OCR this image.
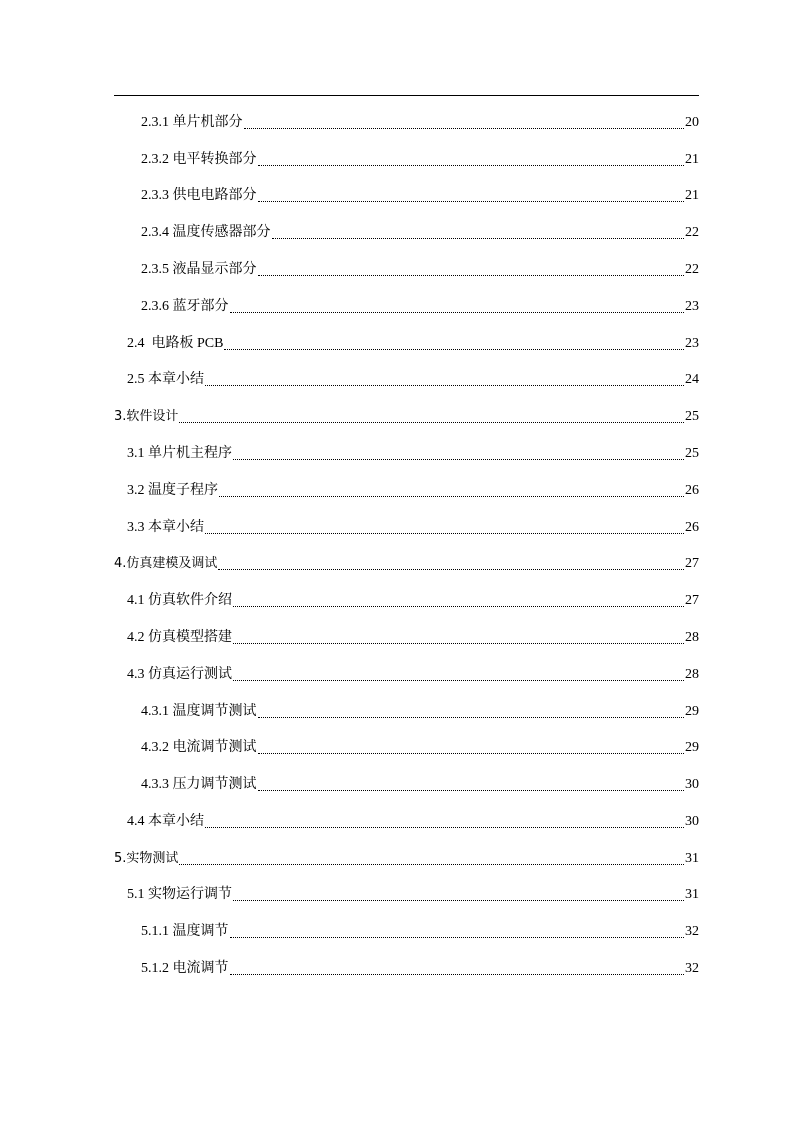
2.3.1 单片机部分	20
2.3.2 电平转换部分	21
2.3.3 供电电路部分	21
2.3.4 温度传感器部分	22
2.3.5 液晶显示部分	22
2.3.6 蓝牙部分	23
2.4  电路板 PCB	23
2.5 本章小结	24
3.软件设计	25
3.1 单片机主程序	25
3.2 温度子程序	26
3.3 本章小结	26
4.仿真建模及调试	27
4.1 仿真软件介绍	27
4.2 仿真模型搭建	28
4.3 仿真运行测试	28
4.3.1 温度调节测试	29
4.3.2 电流调节测试	29
4.3.3 压力调节测试	30
4.4 本章小结	30
5.实物测试	31
5.1 实物运行调节	31
5.1.1 温度调节	32
5.1.2 电流调节	32
